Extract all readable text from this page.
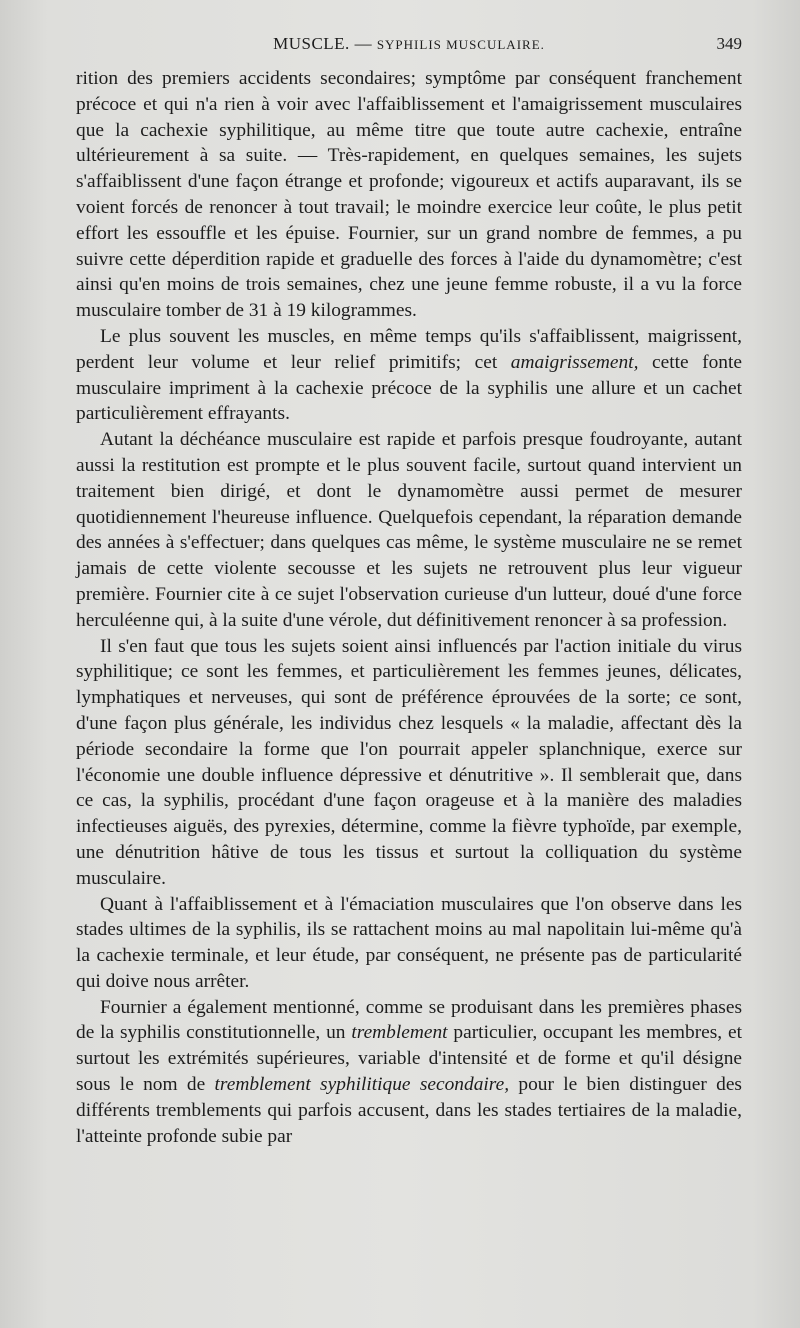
MUSCLE. — SYPHILIS MUSCULAIRE.	349

rition des premiers accidents secondaires; symptôme par conséquent franchement précoce et qui n'a rien à voir avec l'affaiblissement et l'amaigrissement musculaires que la cachexie syphilitique, au même titre que toute autre cachexie, entraîne ultérieurement à sa suite. — Très-rapidement, en quelques semaines, les sujets s'affaiblissent d'une façon étrange et profonde; vigoureux et actifs auparavant, ils se voient forcés de renoncer à tout travail; le moindre exercice leur coûte, le plus petit effort les essouffle et les épuise. Fournier, sur un grand nombre de femmes, a pu suivre cette déperdition rapide et graduelle des forces à l'aide du dynamomètre; c'est ainsi qu'en moins de trois semaines, chez une jeune femme robuste, il a vu la force musculaire tomber de 31 à 19 kilogrammes.

Le plus souvent les muscles, en même temps qu'ils s'affaiblissent, maigrissent, perdent leur volume et leur relief primitifs; cet amaigrissement, cette fonte musculaire impriment à la cachexie précoce de la syphilis une allure et un cachet particulièrement effrayants.

Autant la déchéance musculaire est rapide et parfois presque foudroyante, autant aussi la restitution est prompte et le plus souvent facile, surtout quand intervient un traitement bien dirigé, et dont le dynamomètre aussi permet de mesurer quotidiennement l'heureuse influence. Quelquefois cependant, la réparation demande des années à s'effectuer; dans quelques cas même, le système musculaire ne se remet jamais de cette violente secousse et les sujets ne retrouvent plus leur vigueur première. Fournier cite à ce sujet l'observation curieuse d'un lutteur, doué d'une force herculéenne qui, à la suite d'une vérole, dut définitivement renoncer à sa profession.

Il s'en faut que tous les sujets soient ainsi influencés par l'action initiale du virus syphilitique; ce sont les femmes, et particulièrement les femmes jeunes, délicates, lymphatiques et nerveuses, qui sont de préférence éprouvées de la sorte; ce sont, d'une façon plus générale, les individus chez lesquels « la maladie, affectant dès la période secondaire la forme que l'on pourrait appeler splanchnique, exerce sur l'économie une double influence dépressive et dénutritive ». Il semblerait que, dans ce cas, la syphilis, procédant d'une façon orageuse et à la manière des maladies infectieuses aiguës, des pyrexies, détermine, comme la fièvre typhoïde, par exemple, une dénutrition hâtive de tous les tissus et surtout la colliquation du système musculaire.

Quant à l'affaiblissement et à l'émaciation musculaires que l'on observe dans les stades ultimes de la syphilis, ils se rattachent moins au mal napolitain lui-même qu'à la cachexie terminale, et leur étude, par conséquent, ne présente pas de particularité qui doive nous arrêter.

Fournier a également mentionné, comme se produisant dans les premières phases de la syphilis constitutionnelle, un tremblement particulier, occupant les membres, et surtout les extrémités supérieures, variable d'intensité et de forme et qu'il désigne sous le nom de tremblement syphilitique secondaire, pour le bien distinguer des différents tremblements qui parfois accusent, dans les stades tertiaires de la maladie, l'atteinte profonde subie par
